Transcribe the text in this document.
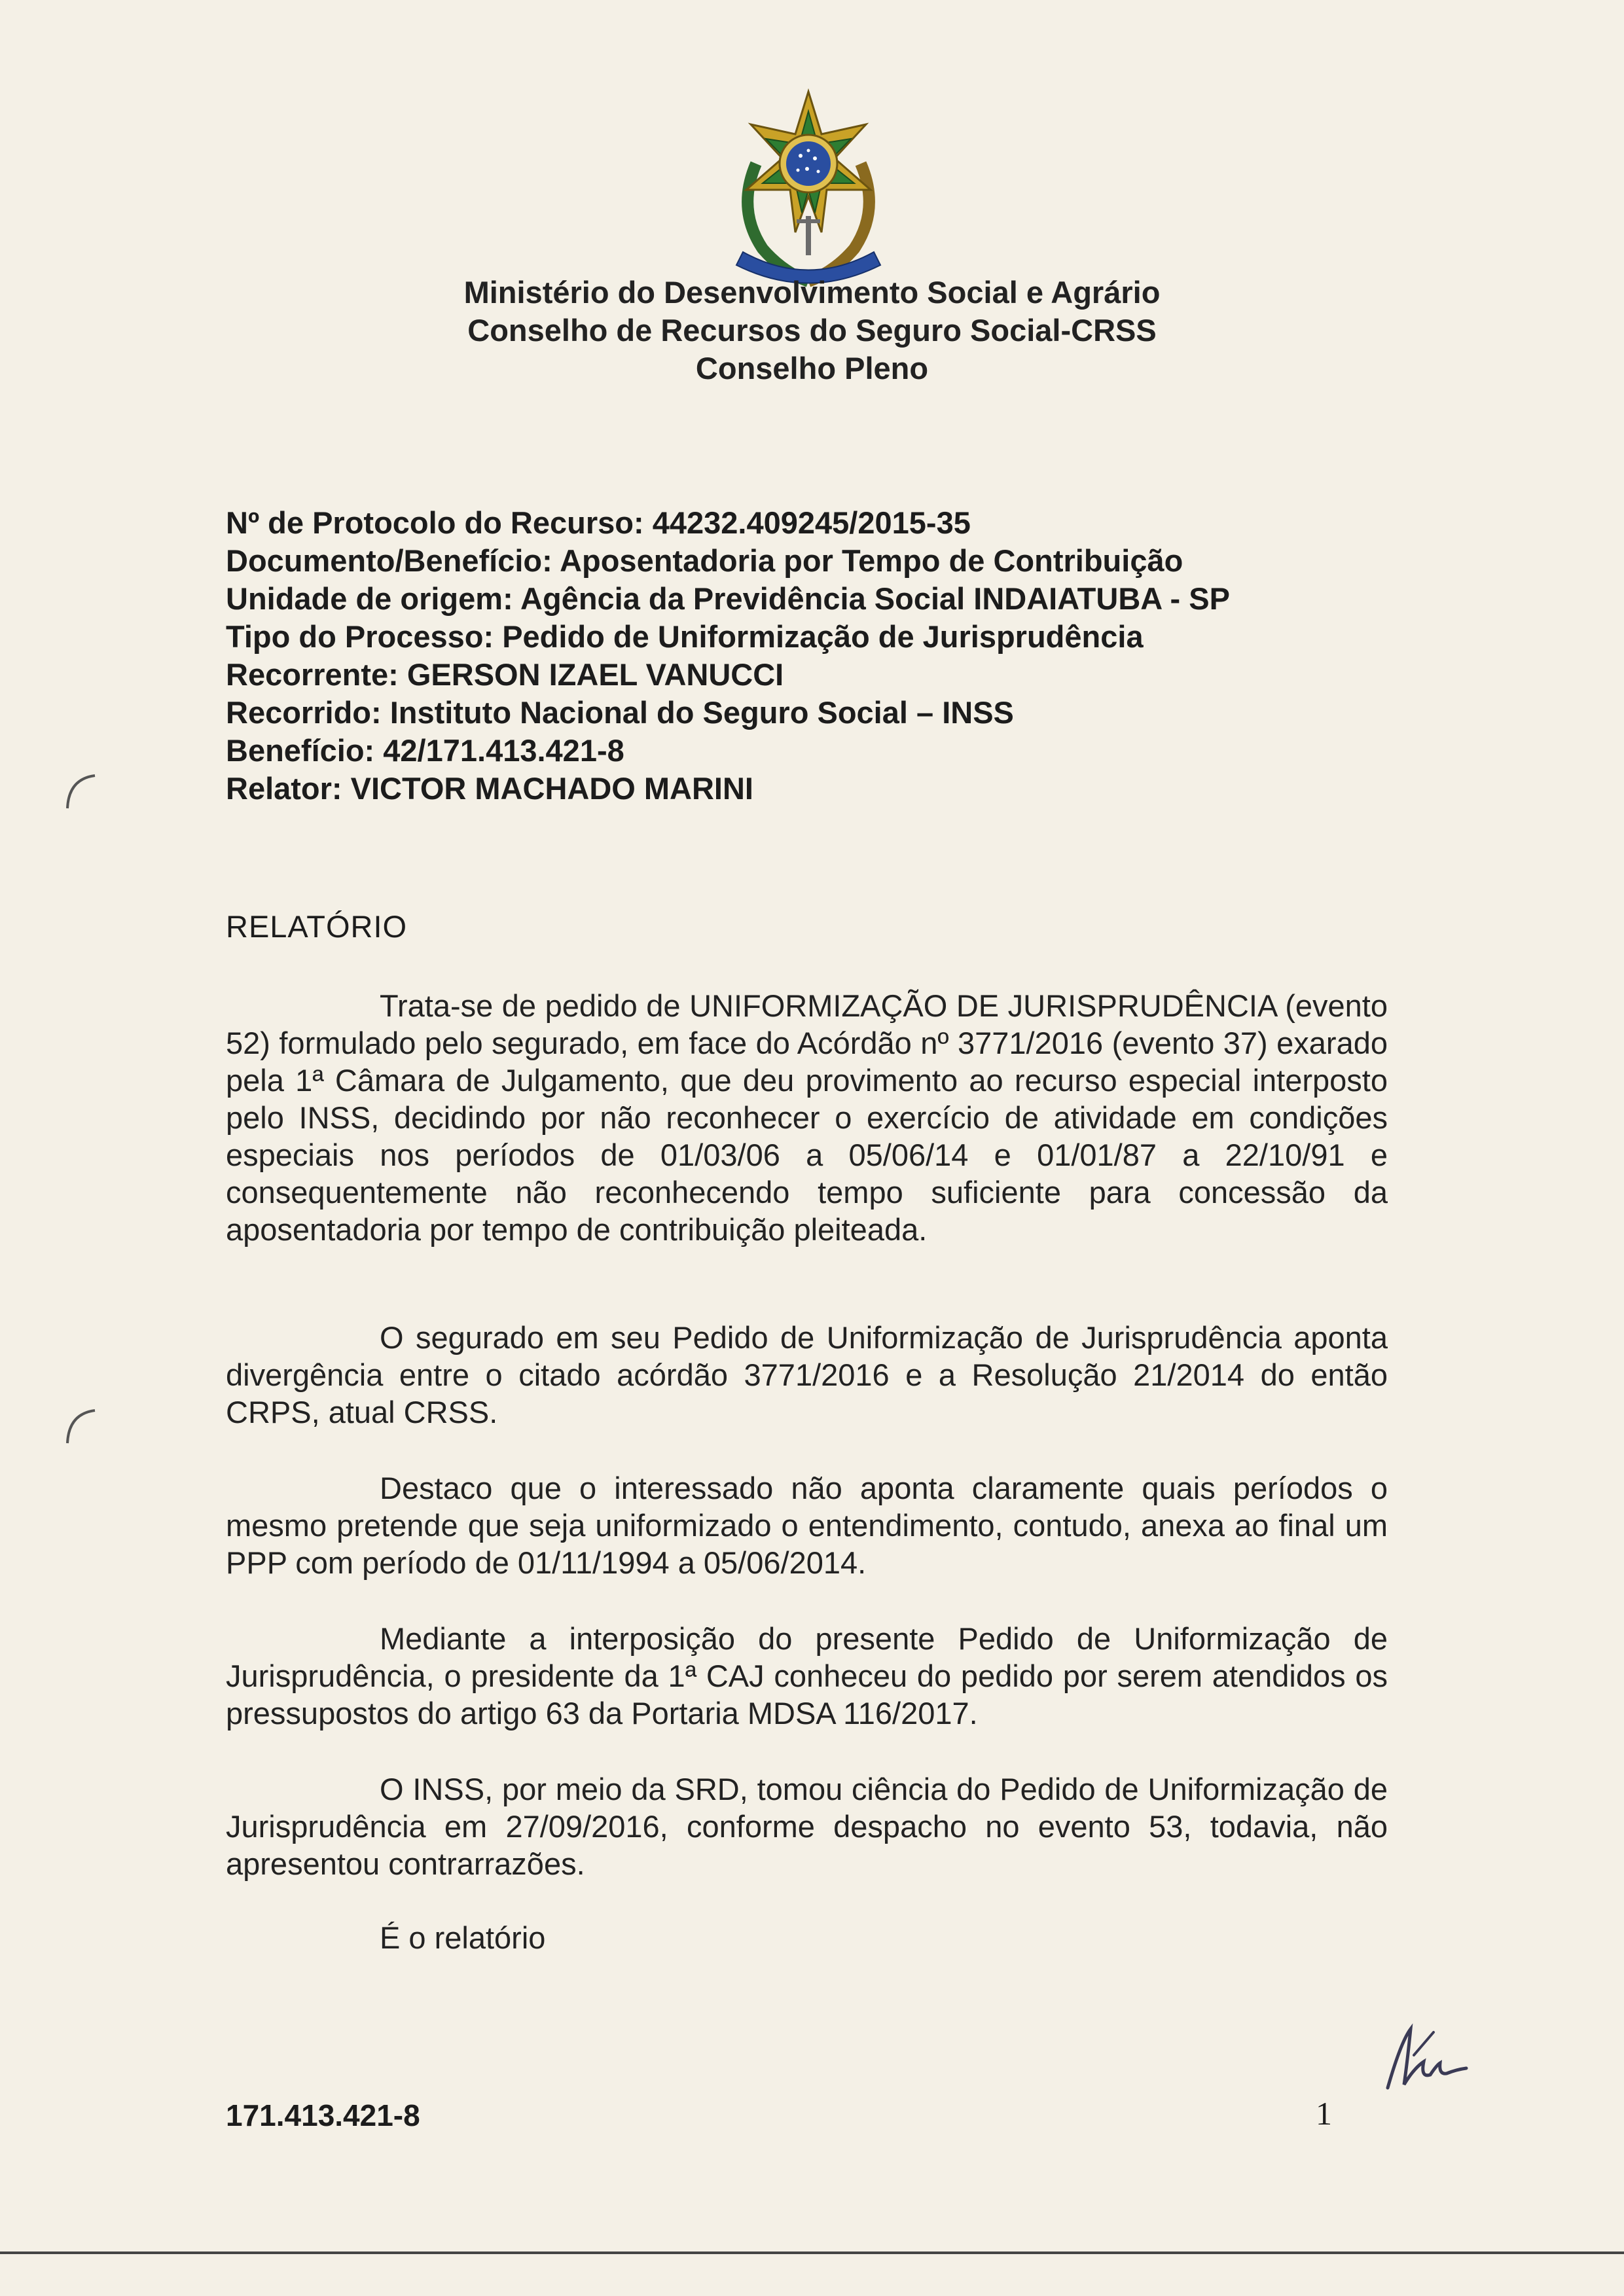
Ministério do Desenvolvimento Social e Agrário
Conselho de Recursos do Seguro Social-CRSS
Conselho Pleno
Nº de Protocolo do Recurso: 44232.409245/2015-35
Documento/Benefício: Aposentadoria por Tempo de Contribuição
Unidade de origem: Agência da Previdência Social INDAIATUBA - SP
Tipo do Processo: Pedido de Uniformização de Jurisprudência
Recorrente: GERSON IZAEL VANUCCI
Recorrido: Instituto Nacional do Seguro Social – INSS
Benefício: 42/171.413.421-8
Relator: VICTOR MACHADO MARINI
RELATÓRIO

Trata-se de pedido de UNIFORMIZAÇÃO DE JURISPRUDÊNCIA (evento 52) formulado pelo segurado, em face do Acórdão nº 3771/2016 (evento 37) exarado pela 1ª Câmara de Julgamento, que deu provimento ao recurso especial interposto pelo INSS, decidindo por não reconhecer o exercício de atividade em condições especiais nos períodos de 01/03/06 a 05/06/14 e 01/01/87 a 22/10/91 e consequentemente não reconhecendo tempo suficiente para concessão da aposentadoria por tempo de contribuição pleiteada.

O segurado em seu Pedido de Uniformização de Jurisprudência aponta divergência entre o citado acórdão 3771/2016 e a Resolução 21/2014 do então CRPS, atual CRSS.

Destaco que o interessado não aponta claramente quais períodos o mesmo pretende que seja uniformizado o entendimento, contudo, anexa ao final um PPP com período de 01/11/1994 a 05/06/2014.

Mediante a interposição do presente Pedido de Uniformização de Jurisprudência, o presidente da 1ª CAJ conheceu do pedido por serem atendidos os pressupostos do artigo 63 da Portaria MDSA 116/2017.

O INSS, por meio da SRD, tomou ciência do Pedido de Uniformização de Jurisprudência em 27/09/2016, conforme despacho no evento 53, todavia, não apresentou contrarrazões.

É o relatório

171.413.421-8	1
